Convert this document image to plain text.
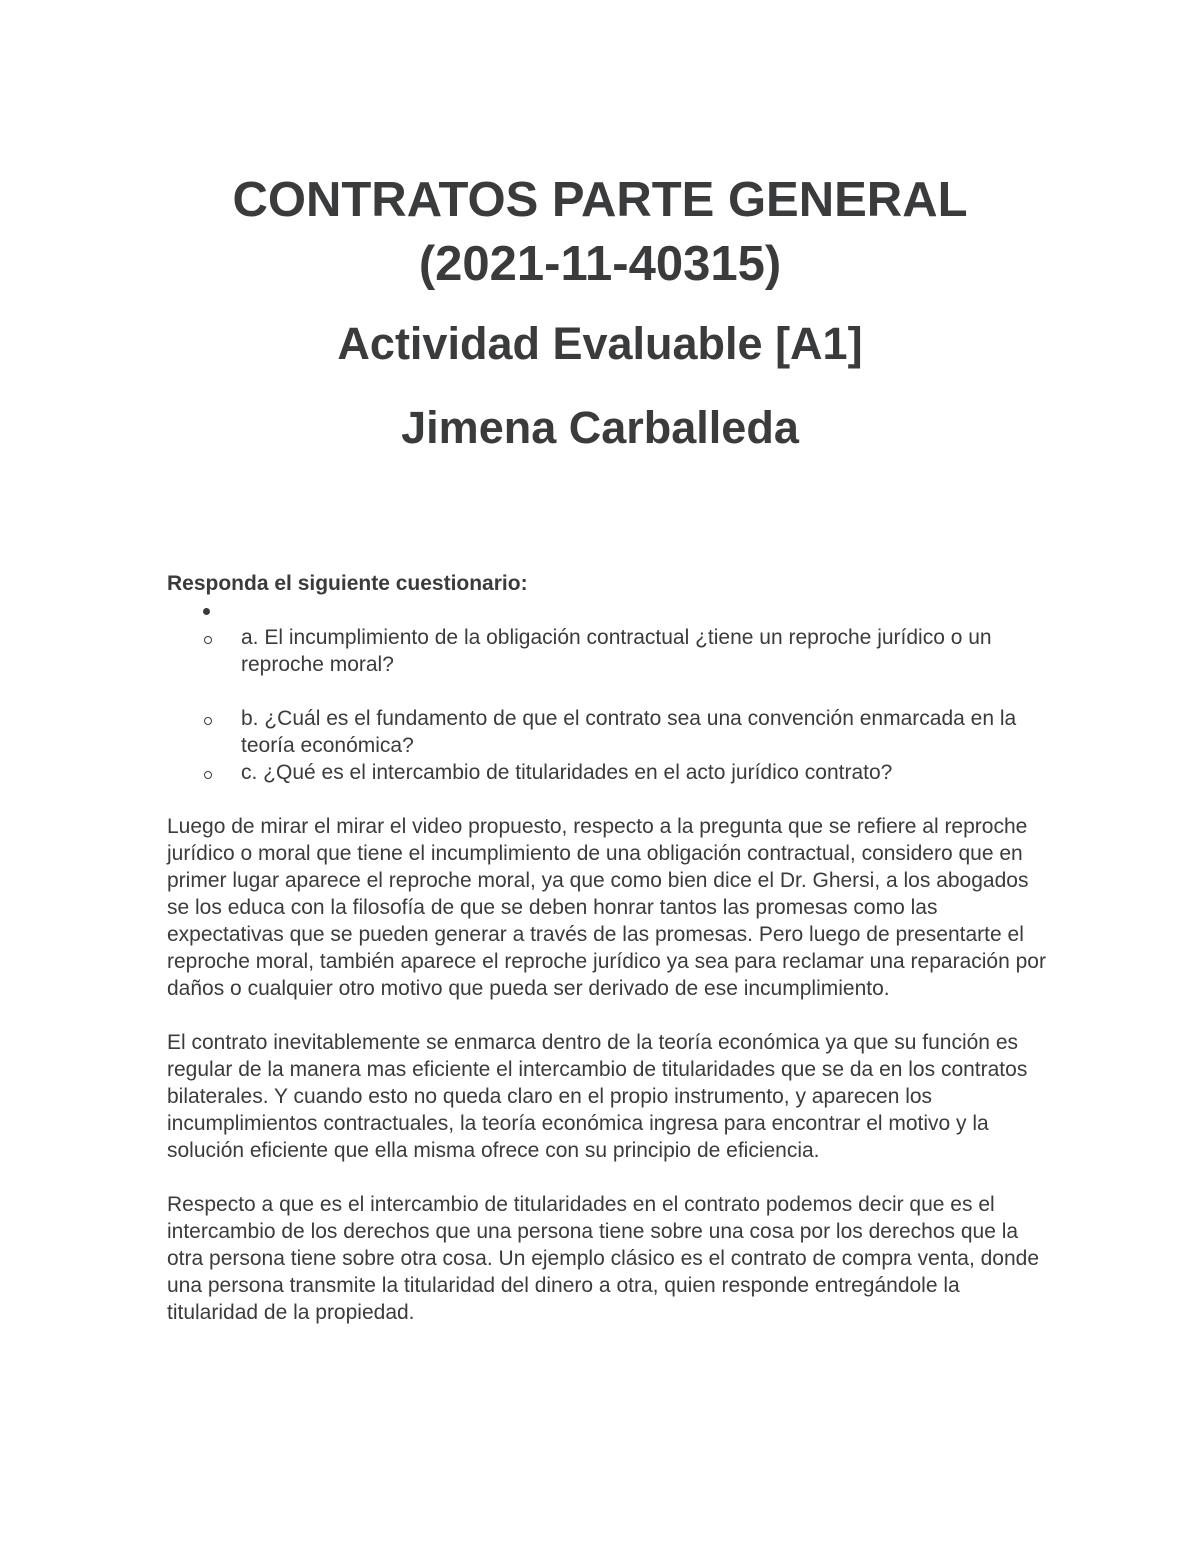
CONTRATOS PARTE GENERAL
(2021-11-40315)
Actividad Evaluable [A1]
Jimena Carballeda

Responda el siguiente cuestionario:

a. El incumplimiento de la obligación contractual ¿tiene un reproche jurídico o un reproche moral?
b. ¿Cuál es el fundamento de que el contrato sea una convención enmarcada en la teoría económica?
c. ¿Qué es el intercambio de titularidades en el acto jurídico contrato?

Luego de mirar el mirar el video propuesto, respecto a la pregunta que se refiere al reproche jurídico o moral que tiene el incumplimiento de una obligación contractual, considero que en primer lugar aparece el reproche moral, ya que como bien dice el Dr. Ghersi, a los abogados se los educa con la filosofía de que se deben honrar tantos las promesas como las expectativas que se pueden generar a través de las promesas. Pero luego de presentarte el reproche moral, también aparece el reproche jurídico ya sea para reclamar una reparación por daños o cualquier otro motivo que pueda ser derivado de ese incumplimiento.

El contrato inevitablemente se enmarca dentro de la teoría económica ya que su función es regular de la manera mas eficiente el intercambio de titularidades que se da en los contratos bilaterales. Y cuando esto no queda claro en el propio instrumento, y aparecen los incumplimientos contractuales, la teoría económica ingresa para encontrar el motivo y la solución eficiente que ella misma ofrece con su principio de eficiencia.

Respecto a que es el intercambio de titularidades en el contrato podemos decir que es el intercambio de los derechos que una persona tiene sobre una cosa por los derechos que la otra persona tiene sobre otra cosa. Un ejemplo clásico es el contrato de compra venta, donde una persona transmite la titularidad del dinero a otra, quien responde entregándole la titularidad de la propiedad.
